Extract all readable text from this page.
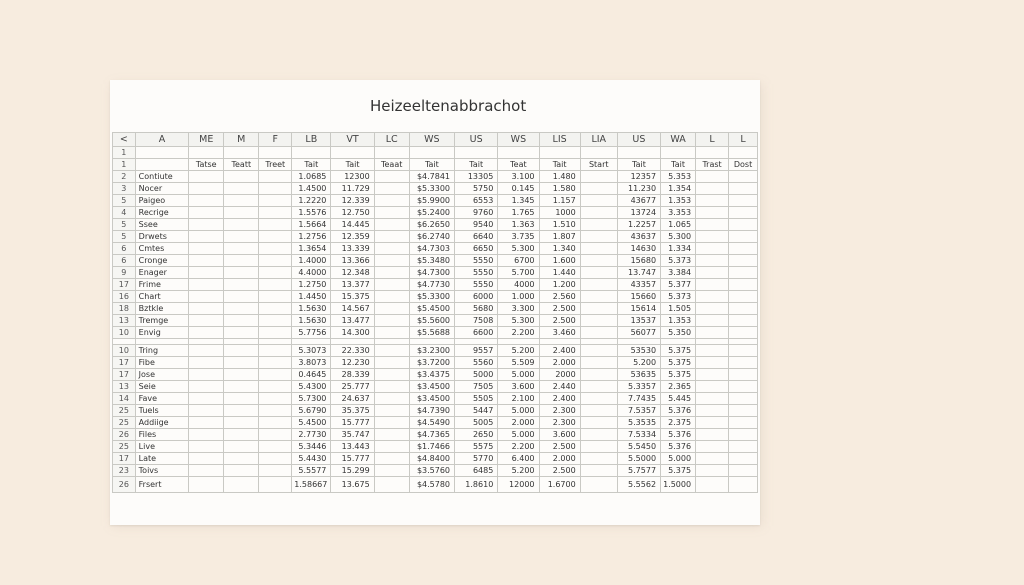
Heizeeltenabbrachot
<	A	ME	M	F	LB	VT	LC	WS	US	WS	LIS	LIA	US	WA	L	L
1																
1		Tatse	Teatt	Treet	Tait	Tait	Teaat	Tait	Tait	Teat	Tait	Start	Tait	Tait	Trast	Dost
2	Contiute				1.0685	12300		$4.7841	13305	3.100	1.480		12357	5.353		
3	Nocer				1.4500	11.729		$5.3300	5750	0.145	1.580		11.230	1.354		
5	Paigeo				1.2220	12.339		$5.9900	6553	1.345	1.157		43677	1.353		
4	Recrige				1.5576	12.750		$5.2400	9760	1.765	1000		13724	3.353		
5	Ssee				1.5664	14.445		$6.2650	9540	1.363	1.510		1.2257	1.065		
5	Drwets				1.2756	12.359		$6.2740	6640	3.735	1.807		43637	5.300		
6	Cmtes				1.3654	13.339		$4.7303	6650	5.300	1.340		14630	1.334		
6	Cronge				1.4000	13.366		$5.3480	5550	6700	1.600		15680	5.373		
9	Enager				4.4000	12.348		$4.7300	5550	5.700	1.440		13.747	3.384		
17	Frime				1.2750	13.377		$4.7730	5550	4000	1.200		43357	5.377		
16	Chart				1.4450	15.375		$5.3300	6000	1.000	2.560		15660	5.373		
18	Bztkle				1.5630	14.567		$5.4500	5680	3.300	2.500		15614	1.505		
13	Tremge				1.5630	13.477		$5.5600	7508	5.300	2.500		13537	1.353		
10	Envig				5.7756	14.300		$5.5688	6600	2.200	3.460		56077	5.350		

10	Tring				5.3073	22.330		$3.2300	9557	5.200	2.400		53530	5.375		
17	Fibe				3.8073	12.230		$3.7200	5560	5.509	2.000		5.200	5.375		
17	Jose				0.4645	28.339		$3.4375	5000	5.000	2000		53635	5.375		
13	Seie				5.4300	25.777		$3.4500	7505	3.600	2.440		5.3357	2.365		
14	Fave				5.7300	24.637		$3.4500	5505	2.100	2.400		7.7435	5.445		
25	Tuels				5.6790	35.375		$4.7390	5447	5.000	2.300		7.5357	5.376		
25	Addiige				5.4500	15.777		$4.5490	5005	2.000	2.300		5.3535	2.375		
26	Files				2.7730	35.747		$4.7365	2650	5.000	3.600		7.5334	5.376		
25	Live				5.3446	13.443		$1.7466	5575	2.200	2.500		5.5450	5.376		
17	Late				5.4430	15.777		$4.8400	5770	6.400	2.000		5.5000	5.000		
23	Toivs				5.5577	15.299		$3.5760	6485	5.200	2.500		5.7577	5.375		
26	Frsert				1.58667	13.675		$4.5780	1.8610	12000	1.6700		5.5562	1.5000		
